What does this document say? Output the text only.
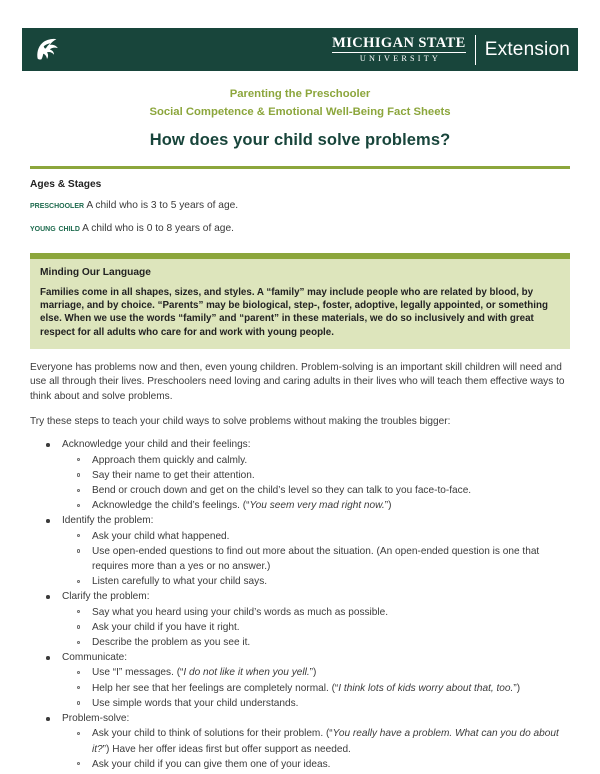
MICHIGAN STATE
UNIVERSITY Extension
Parenting the Preschooler
Social Competence & Emotional Well-Being Fact Sheets
How does your child solve problems?
Ages & Stages
preschooler A child who is 3 to 5 years of age.
young child A child who is 0 to 8 years of age.
Minding Our Language
Families come in all shapes, sizes, and styles. A “family” may include people who are related by blood, by marriage, and by choice. “Parents” may be biological, step-, foster, adoptive, legally appointed, or something else. When we use the words “family” and “parent” in these materials, we do so inclusively and with great respect for all adults who care for and work with young people.
Everyone has problems now and then, even young children. Problem-solving is an important skill children will need and use all through their lives. Preschoolers need loving and caring adults in their lives who will teach them effective ways to think about and solve problems.
Try these steps to teach your child ways to solve problems without making the troubles bigger:
Acknowledge your child and their feelings:
Approach them quickly and calmly.
Say their name to get their attention.
Bend or crouch down and get on the child’s level so they can talk to you face-to-face.
Acknowledge the child’s feelings. (“You seem very mad right now.”)
Identify the problem:
Ask your child what happened.
Use open-ended questions to find out more about the situation. (An open-ended question is one that requires more than a yes or no answer.)
Listen carefully to what your child says.
Clarify the problem:
Say what you heard using your child’s words as much as possible.
Ask your child if you have it right.
Describe the problem as you see it.
Communicate:
Use “I” messages. (“I do not like it when you yell.”)
Help her see that her feelings are completely normal. (“I think lots of kids worry about that, too.”)
Use simple words that your child understands.
Problem-solve:
Ask your child to think of solutions for their problem. (“You really have a problem. What can you do about it?”) Have her offer ideas first but offer support as needed.
Ask your child if you can give them one of your ideas.
